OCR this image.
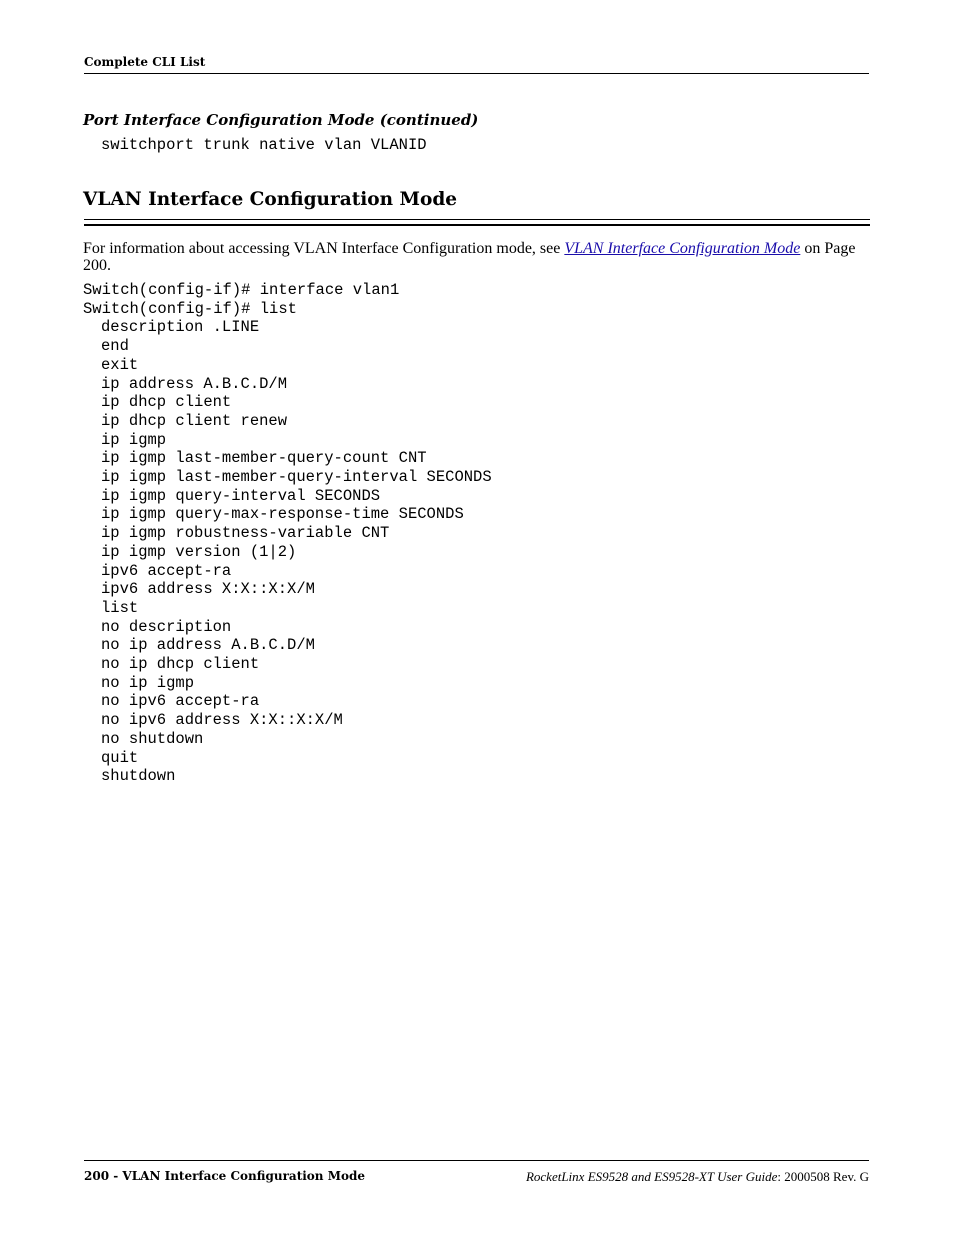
Complete CLI List
Port Interface Configuration Mode (continued)
switchport trunk native vlan VLANID
VLAN Interface Configuration Mode
For information about accessing VLAN Interface Configuration mode, see VLAN Interface Configuration Mode on Page 200.
Switch(config-if)# interface vlan1
Switch(config-if)# list
description .LINE
end
exit
ip address A.B.C.D/M
ip dhcp client
ip dhcp client renew
ip igmp
ip igmp last-member-query-count CNT
ip igmp last-member-query-interval SECONDS
ip igmp query-interval SECONDS
ip igmp query-max-response-time SECONDS
ip igmp robustness-variable CNT
ip igmp version (1|2)
ipv6 accept-ra
ipv6 address X:X::X:X/M
list
no description
no ip address A.B.C.D/M
no ip dhcp client
no ip igmp
no ipv6 accept-ra
no ipv6 address X:X::X:X/M
no shutdown
quit
shutdown
200 - VLAN Interface Configuration Mode	RocketLinx ES9528 and ES9528-XT User Guide: 2000508 Rev. G
